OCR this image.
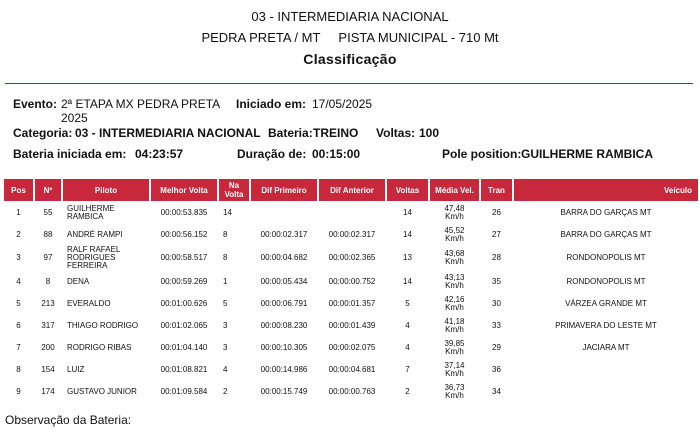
03 - INTERMEDIARIA NACIONAL
PEDRA PRETA / MT PISTA MUNICIPAL - 710 Mt
Classificação
Evento: 2ª ETAPA MX PEDRA PRETA
2025
Iniciado em: 17/05/2025
Categoria: 03 - INTERMEDIARIA NACIONAL Bateria: TREINO Voltas: 100
Bateria iniciada em: 04:23:57	Duração de: 00:15:00	Pole position: GUILHERME RAMBICA
Pos	Nº	Piloto	Melhor Volta	Na Volta	Dif Primeiro	Dif Anterior	Voltas	Média Vel.	Tran	Veículo
1	55	GUILHERME RAMBICA	00:00:53.835	14			14	47,48 Km/h	26	BARRA DO GARÇAS MT
2	88	ANDRÉ RAMPI	00:00:56.152	8	00:00:02.317	00:00:02.317	14	45,52 Km/h	27	BARRA DO GARÇAS MT
3	97	RALF RAFAEL RODRIGUES FERREIRA	00:00:58.517	8	00:00:04.682	00:00:02.365	13	43,68 Km/h	28	RONDONOPOLIS MT
4	8	DENA	00:00:59.269	1	00:00:05.434	00:00:00.752	14	43,13 Km/h	35	RONDONOPOLIS MT
5	213	EVERALDO	00:01:00.626	5	00:00:06.791	00:00:01.357	5	42,16 Km/h	30	VÁRZEA GRANDE MT
6	317	THIAGO RODRIGO	00:01:02.065	3	00:00:08.230	00:00:01.439	4	41,18 Km/h	33	PRIMAVERA DO LESTE MT
7	200	RODRIGO RIBAS	00:01:04.140	3	00:00:10.305	00:00:02.075	4	39,85 Km/h	29	JACIARA MT
8	154	LUIZ	00:01:08.821	4	00:00:14.986	00:00:04.681	7	37,14 Km/h	36	
9	174	GUSTAVO JUNIOR	00:01:09.584	2	00:00:15.749	00:00:00.763	2	36,73 Km/h	34	
Observação da Bateria:
